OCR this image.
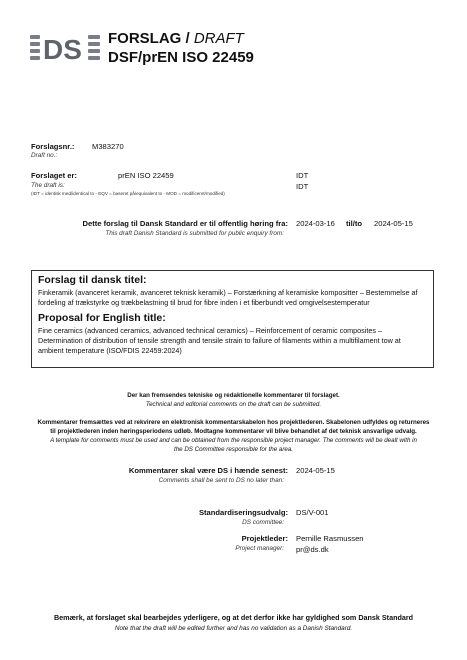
DS FORSLAG / DRAFT
DSF/prEN ISO 22459
Forslagsnr.: M383270
Draft no.:
Forslaget er:	prEN ISO 22459	IDT
The draft is:	IDT
(IDT = identisk med/identical to - EQV = baseret på/equivalent to - MOD = modificeret/modified)
Dette forslag til Dansk Standard er til offentlig høring fra: 2024-03-16 til/to 2024-05-15
This draft Danish Standard is submitted for public enquiry from:
Forslag til dansk titel:

Finkeramik (avanceret keramik, avanceret teknisk keramik) – Forstærkning af keramiske kompositter – Bestemmelse af fordeling af trækstyrke og trækbelastning til brud for fibre inden i et fiberbundt ved omgivelsestemperatur

Proposal for English title:

Fine ceramics (advanced ceramics, advanced technical ceramics) – Reinforcement of ceramic composites – Determination of distribution of tensile strength and tensile strain to failure of filaments within a multifilament tow at ambient temperature (ISO/FDIS 22459:2024)

Der kan fremsendes tekniske og redaktionelle kommentarer til forslaget.
Technical and editorial comments on the draft can be submitted.
Kommentarer fremsættes ved at rekvirere en elektronisk kommentarskabelon hos projektlederen. Skabelonen udfyldes og returneres
til projektlederen inden høringsperiodens udløb. Modtagne kommentarer vil blive behandlet af det teknisk ansvarlige udvalg.
A template for comments must be used and can be obtained from the responsible project manager. The comments will be dealt with in
the DS Committee responsible for the area.
Kommentarer skal være DS i hænde senest: 2024-05-15
Comments shall be sent to DS no later than:
Standardiseringsudvalg: DS/V-001
DS committee:
Projektleder: Pernille Rasmussen
Project manager: pr@ds.dk
Bemærk, at forslaget skal bearbejdes yderligere, og at det derfor ikke har gyldighed som Dansk Standard
Note that the draft will be edited further and has no validation as a Danish Standard.
